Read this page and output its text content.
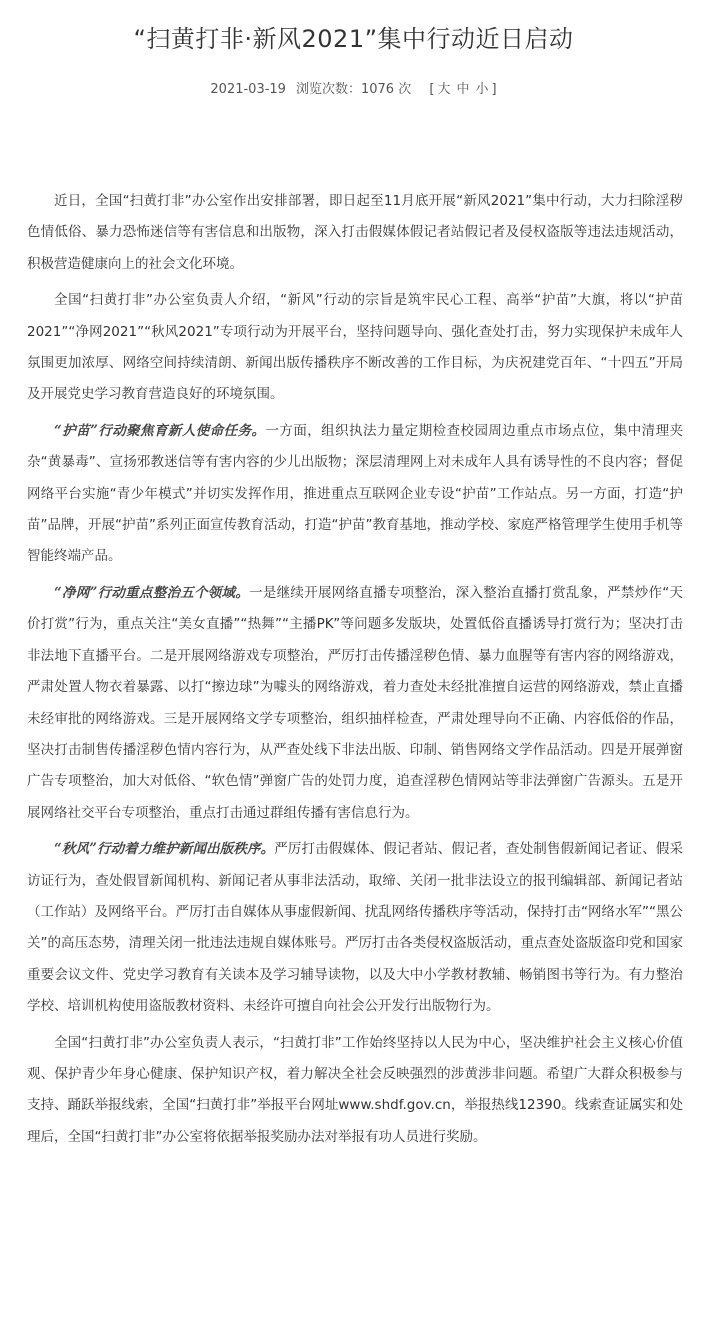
“扫黄打非·新风2021”集中行动近日启动
2021-03-19 浏览次数：1076 次 [ 大 中 小 ]

近日，全国“扫黄打非”办公室作出安排部署，即日起至11月底开展“新风2021”集中行动，大力扫除淫秽色情低俗、暴力恐怖迷信等有害信息和出版物，深入打击假媒体假记者站假记者及侵权盗版等违法违规活动，积极营造健康向上的社会文化环境。

全国“扫黄打非”办公室负责人介绍，“新风”行动的宗旨是筑牢民心工程、高举“护苗”大旗，将以“护苗2021”“净网2021”“秋风2021”专项行动为开展平台，坚持问题导向、强化查处打击，努力实现保护未成年人氛围更加浓厚、网络空间持续清朗、新闻出版传播秩序不断改善的工作目标，为庆祝建党百年、“十四五”开局及开展党史学习教育营造良好的环境氛围。

“护苗”行动聚焦育新人使命任务。一方面，组织执法力量定期检查校园周边重点市场点位，集中清理夹杂“黄暴毒”、宣扬邪教迷信等有害内容的少儿出版物；深层清理网上对未成年人具有诱导性的不良内容；督促网络平台实施“青少年模式”并切实发挥作用，推进重点互联网企业专设“护苗”工作站点。另一方面，打造“护苗”品牌，开展“护苗”系列正面宣传教育活动，打造“护苗”教育基地，推动学校、家庭严格管理学生使用手机等智能终端产品。

“净网”行动重点整治五个领域。一是继续开展网络直播专项整治，深入整治直播打赏乱象，严禁炒作“天价打赏”行为，重点关注“美女直播”“热舞”“主播PK”等问题多发版块，处置低俗直播诱导打赏行为；坚决打击非法地下直播平台。二是开展网络游戏专项整治，严厉打击传播淫秽色情、暴力血腥等有害内容的网络游戏，严肃处置人物衣着暴露、以打“擦边球”为噱头的网络游戏，着力查处未经批准擅自运营的网络游戏，禁止直播未经审批的网络游戏。三是开展网络文学专项整治，组织抽样检查，严肃处理导向不正确、内容低俗的作品，坚决打击制售传播淫秽色情内容行为，从严查处线下非法出版、印制、销售网络文学作品活动。四是开展弹窗广告专项整治，加大对低俗、“软色情”弹窗广告的处罚力度，追查淫秽色情网站等非法弹窗广告源头。五是开展网络社交平台专项整治，重点打击通过群组传播有害信息行为。

“秋风”行动着力维护新闻出版秩序。严厉打击假媒体、假记者站、假记者，查处制售假新闻记者证、假采访证行为，查处假冒新闻机构、新闻记者从事非法活动，取缔、关闭一批非法设立的报刊编辑部、新闻记者站（工作站）及网络平台。严厉打击自媒体从事虚假新闻、扰乱网络传播秩序等活动，保持打击“网络水军”“黑公关”的高压态势，清理关闭一批违法违规自媒体账号。严厉打击各类侵权盗版活动，重点查处盗版盗印党和国家重要会议文件、党史学习教育有关读本及学习辅导读物，以及大中小学教材教辅、畅销图书等行为。有力整治学校、培训机构使用盗版教材资料、未经许可擅自向社会公开发行出版物行为。

全国“扫黄打非”办公室负责人表示，“扫黄打非”工作始终坚持以人民为中心，坚决维护社会主义核心价值观、保护青少年身心健康、保护知识产权，着力解决全社会反映强烈的涉黄涉非问题。希望广大群众积极参与支持、踊跃举报线索，全国“扫黄打非”举报平台网址www.shdf.gov.cn，举报热线12390。线索查证属实和处理后，全国“扫黄打非”办公室将依据举报奖励办法对举报有功人员进行奖励。
